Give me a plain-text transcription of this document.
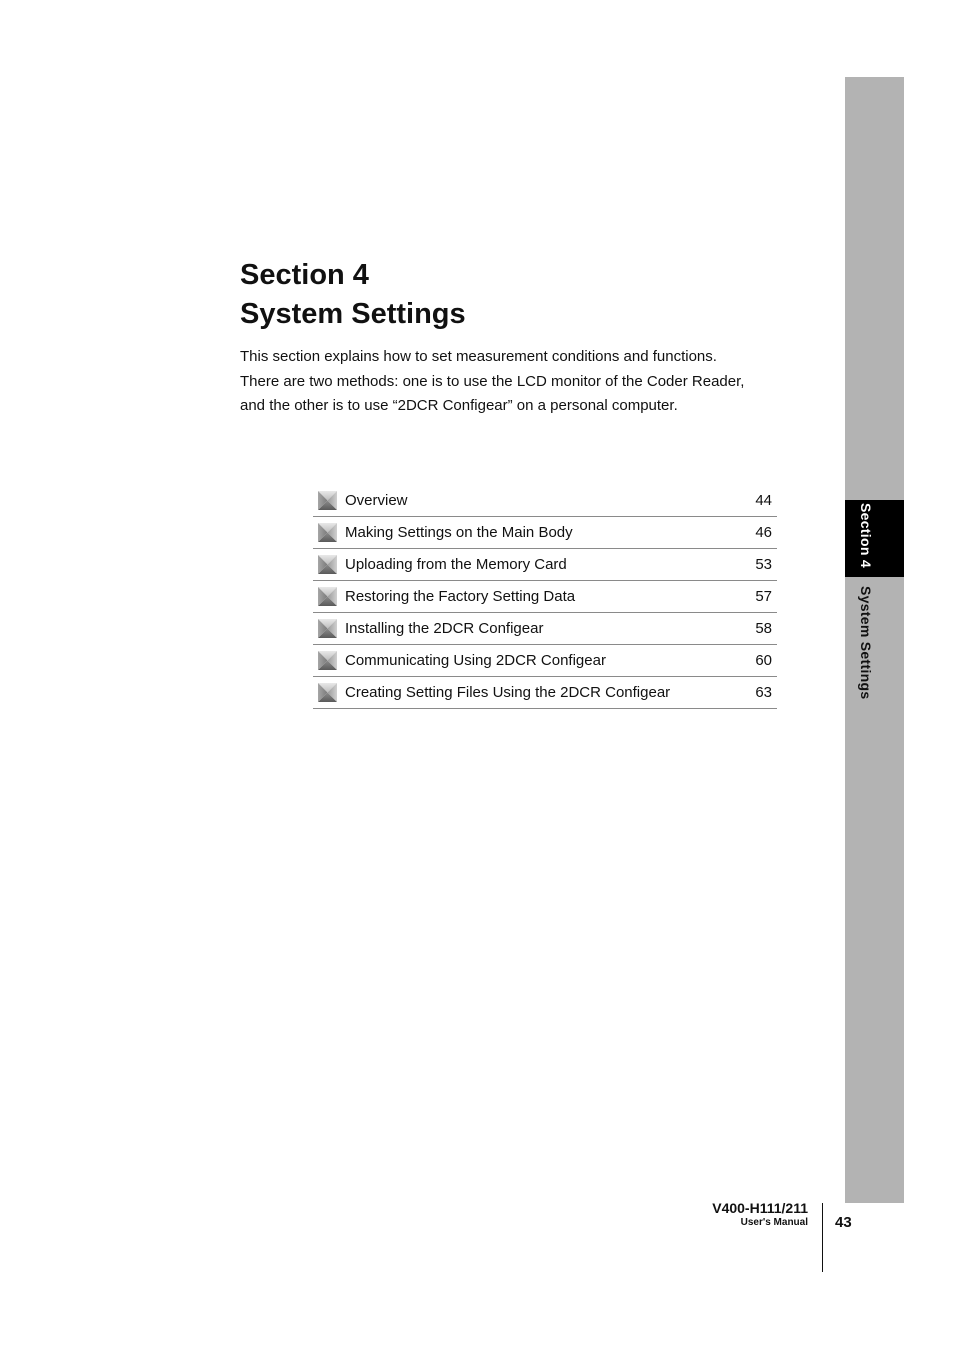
Section 4
System Settings
Section 4
System Settings

This section explains how to set measurement conditions and functions.
There are two methods: one is to use the LCD monitor of the Coder Reader,
and the other is to use “2DCR Configear” on a personal computer.

Overview	44
Making Settings on the Main Body	46
Uploading from the Memory Card	53
Restoring the Factory Setting Data	57
Installing the 2DCR Configear	58
Communicating Using 2DCR Configear	60
Creating Setting Files Using the 2DCR Configear	63
V400-H111/211
User's Manual 43
